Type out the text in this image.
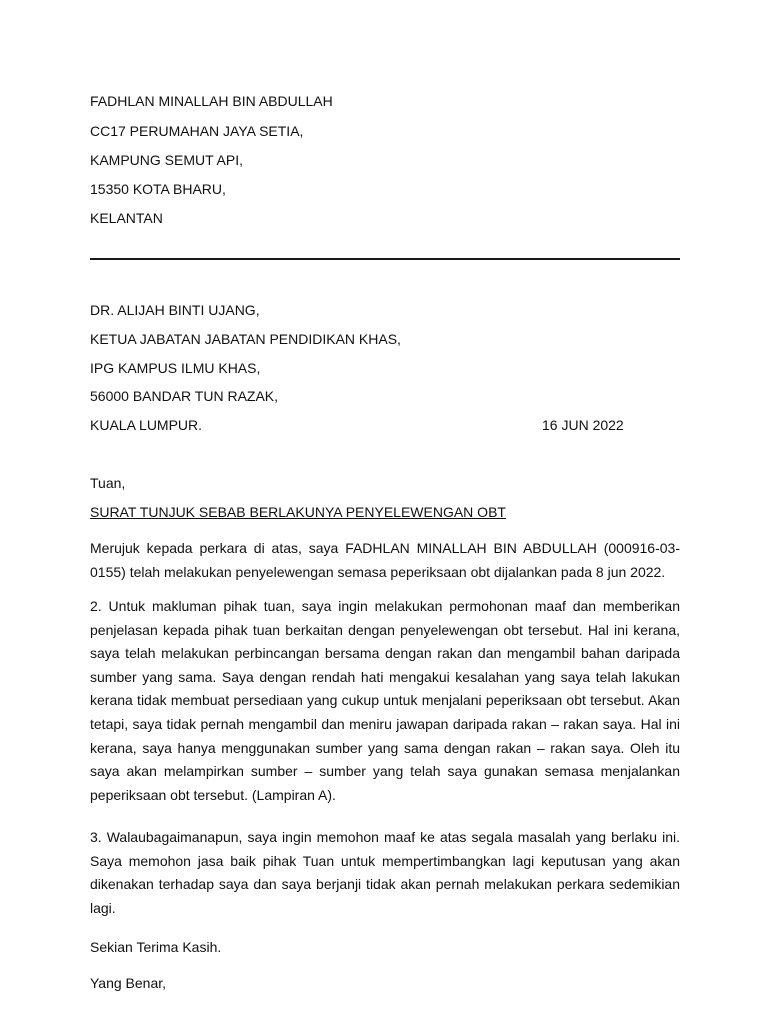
FADHLAN MINALLAH BIN ABDULLAH
CC17 PERUMAHAN JAYA SETIA,
KAMPUNG SEMUT API,
15350 KOTA BHARU,
KELANTAN
DR. ALIJAH BINTI UJANG,
KETUA JABATAN JABATAN PENDIDIKAN KHAS,
IPG KAMPUS ILMU KHAS,
56000 BANDAR TUN RAZAK,
KUALA LUMPUR.	16 JUN 2022
Tuan,
SURAT TUNJUK SEBAB BERLAKUNYA PENYELEWENGAN OBT

Merujuk kepada perkara di atas, saya FADHLAN MINALLAH BIN ABDULLAH (000916-03-0155) telah melakukan penyelewengan semasa peperiksaan obt dijalankan pada 8 jun 2022.

2. Untuk makluman pihak tuan, saya ingin melakukan permohonan maaf dan memberikan penjelasan kepada pihak tuan berkaitan dengan penyelewengan obt tersebut. Hal ini kerana, saya telah melakukan perbincangan bersama dengan rakan dan mengambil bahan daripada sumber yang sama. Saya dengan rendah hati mengakui kesalahan yang saya telah lakukan kerana tidak membuat persediaan yang cukup untuk menjalani peperiksaan obt tersebut. Akan tetapi, saya tidak pernah mengambil dan meniru jawapan daripada rakan – rakan saya. Hal ini kerana, saya hanya menggunakan sumber yang sama dengan rakan – rakan saya. Oleh itu saya akan melampirkan sumber – sumber yang telah saya gunakan semasa menjalankan peperiksaan obt tersebut. (Lampiran A).

3. Walaubagaimanapun, saya ingin memohon maaf ke atas segala masalah yang berlaku ini. Saya memohon jasa baik pihak Tuan untuk mempertimbangkan lagi keputusan yang akan dikenakan terhadap saya dan saya berjanji tidak akan pernah melakukan perkara sedemikian lagi.

Sekian Terima Kasih.
Yang Benar,
